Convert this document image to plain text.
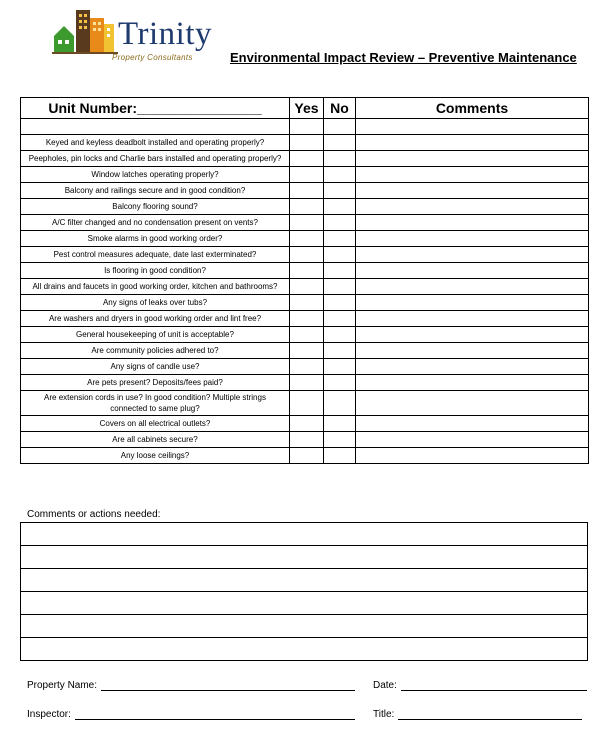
Trinity
Property Consultants	Environmental Impact Review – Preventive Maintenance
Unit Number:________________	Yes	No	Comments

Keyed and keyless deadbolt installed and operating properly?			
Peepholes, pin locks and Charlie bars installed and operating properly?			
Window latches operating properly?			
Balcony and railings secure and in good condition?			
Balcony flooring sound?			
A/C filter changed and no condensation present on vents?			
Smoke alarms in good working order?			
Pest control measures adequate, date last exterminated?			
Is flooring in good condition?			
All drains and faucets in good working order, kitchen and bathrooms?			
Any signs of leaks over tubs?			
Are washers and dryers in good working order and lint free?			
General housekeeping of unit is acceptable?			
Are community policies adhered to?			
Any signs of candle use?			
Are pets present? Deposits/fees paid?			
Are extension cords in use? In good condition? Multiple strings connected to same plug?			
Covers on all electrical outlets?			
Are all cabinets secure?			
Any loose ceilings?			
Comments or actions needed:

Property Name:	Date:
Inspector:	Title:
